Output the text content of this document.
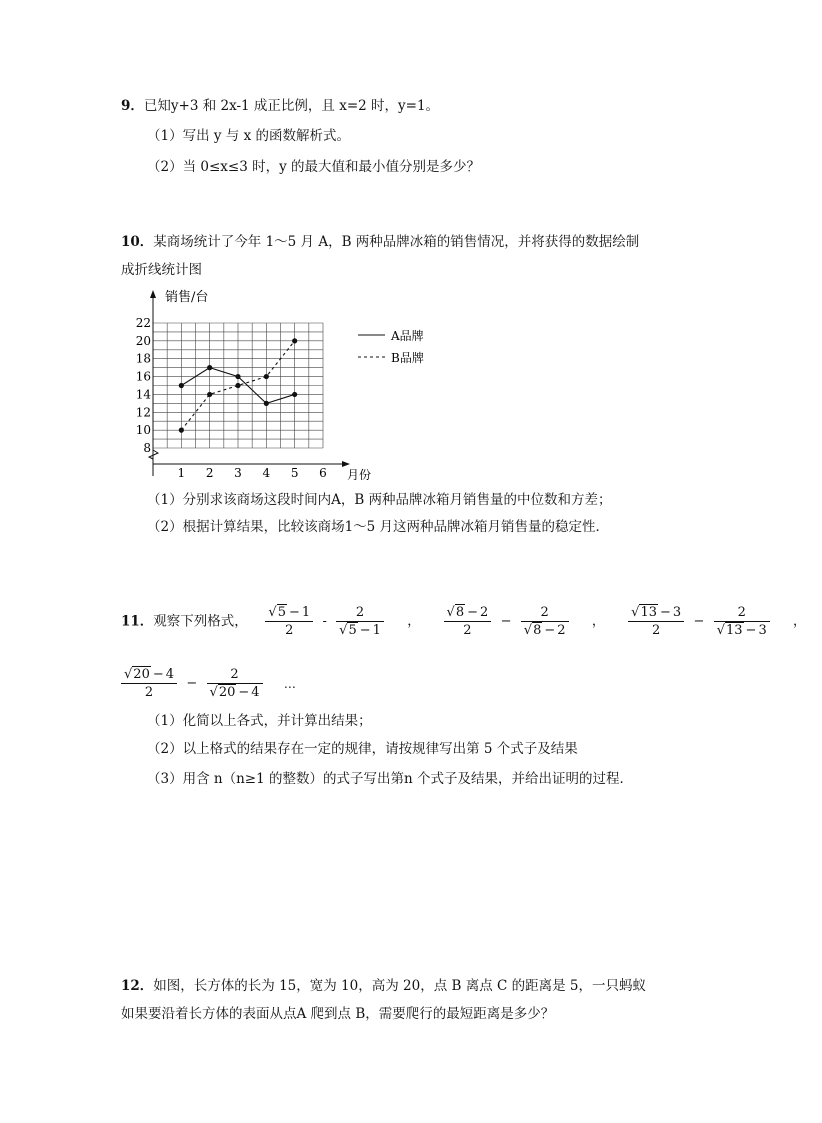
9．已知y+3 和 2x-1 成正比例，且 x=2 时，y=1。
（1）写出 y 与 x 的函数解析式。
（2）当 0≤x≤3 时，y 的最大值和最小值分别是多少？
10．某商场统计了今年 1～5 月 A，B 两种品牌冰箱的销售情况，并将获得的数据绘制
成折线统计图
销售/台
月份
8
10
12
14
16
18
20
22
1 2 3 4 5 6
A品牌
B品牌
（1）分别求该商场这段时间内A，B 两种品牌冰箱月销售量的中位数和方差；
（2）根据计算结果，比较该商场1～5 月这两种品牌冰箱月销售量的稳定性．
11．观察下列格式， $\frac{√5 - 1}{2} - \frac{2}{√5 - 1}$ ， $\frac{√8 - 2}{2} - \frac{2}{√8 - 2}$ ， $\frac{√13 - 3}{2} - \frac{2}{√13 - 3}$ ，
$\frac{√20 - 4}{2} - \frac{2}{√20 - 4}$ …
（1）化简以上各式，并计算出结果；
（2）以上格式的结果存在一定的规律，请按规律写出第 5 个式子及结果
（3）用含 n（n≥1 的整数）的式子写出第n 个式子及结果，并给出证明的过程．
12．如图，长方体的长为 15，宽为 10，高为 20，点 B 离点 C 的距离是 5，一只蚂蚁
如果要沿着长方体的表面从点A 爬到点 B，需要爬行的最短距离是多少？
